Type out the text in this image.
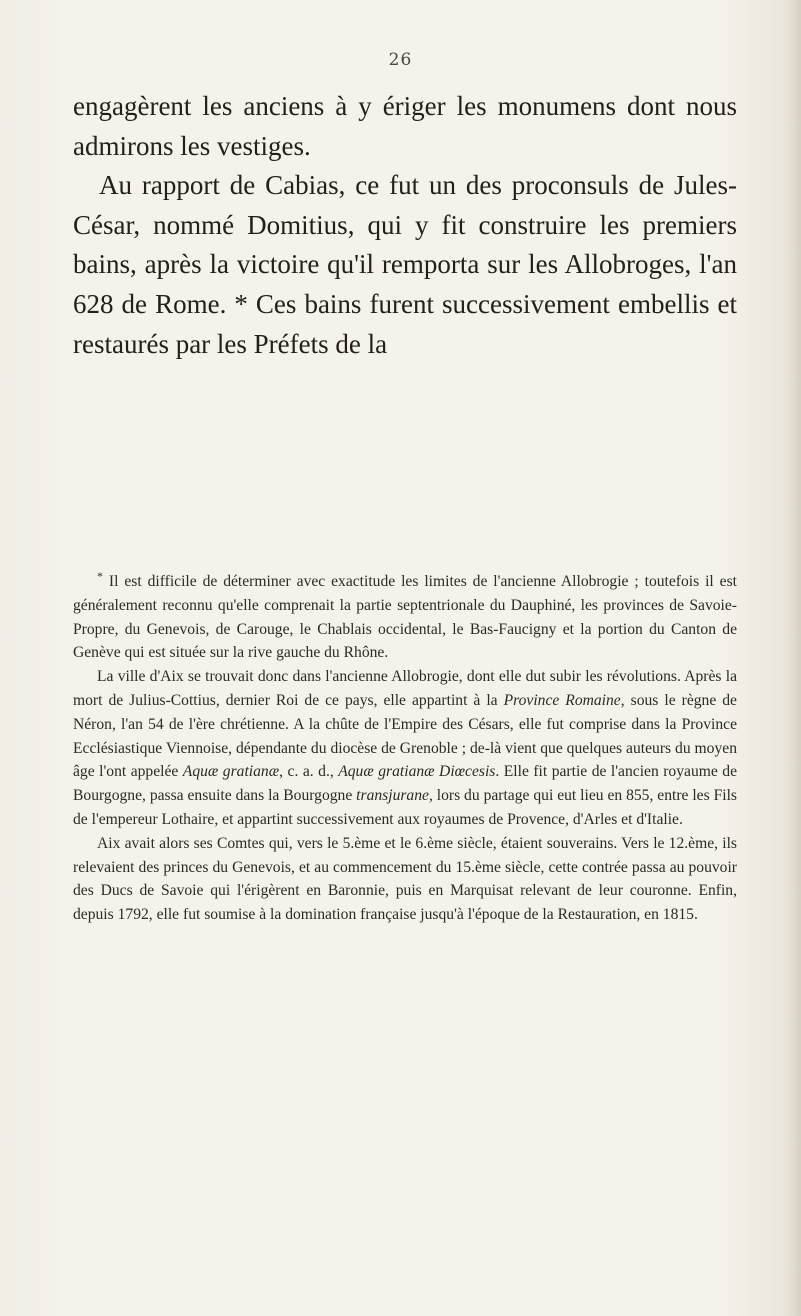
26

engagèrent les anciens à y ériger les monumens dont nous admirons les vestiges.

Au rapport de Cabias, ce fut un des proconsuls de Jules-César, nommé Domitius, qui y fit construire les premiers bains, après la victoire qu'il remporta sur les Allobroges, l'an 628 de Rome. * Ces bains furent successivement embellis et restaurés par les Préfets de la

* Il est difficile de déterminer avec exactitude les limites de l'ancienne Allobrogie ; toutefois il est généralement reconnu qu'elle comprenait la partie septentrionale du Dauphiné, les provinces de Savoie-Propre, du Genevois, de Carouge, le Chablais occidental, le Bas-Faucigny et la portion du Canton de Genève qui est située sur la rive gauche du Rhône.

La ville d'Aix se trouvait donc dans l'ancienne Allobrogie, dont elle dut subir les révolutions. Après la mort de Julius-Cottius, dernier Roi de ce pays, elle appartint à la Province Romaine, sous le règne de Néron, l'an 54 de l'ère chrétienne. A la chûte de l'Empire des Césars, elle fut comprise dans la Province Ecclésiastique Viennoise, dépendante du diocèse de Grenoble ; de-là vient que quelques auteurs du moyen âge l'ont appelée Aquæ gratianæ, c. a. d., Aquæ gratianæ Diœcesis. Elle fit partie de l'ancien royaume de Bourgogne, passa ensuite dans la Bourgogne transjurane, lors du partage qui eut lieu en 855, entre les Fils de l'empereur Lothaire, et appartint successivement aux royaumes de Provence, d'Arles et d'Italie.

Aix avait alors ses Comtes qui, vers le 5.ème et le 6.ème siècle, étaient souverains. Vers le 12.ème, ils relevaient des princes du Genevois, et au commencement du 15.ème siècle, cette contrée passa au pouvoir des Ducs de Savoie qui l'érigèrent en Baronnie, puis en Marquisat relevant de leur couronne. Enfin, depuis 1792, elle fut soumise à la domination française jusqu'à l'époque de la Restauration, en 1815.
